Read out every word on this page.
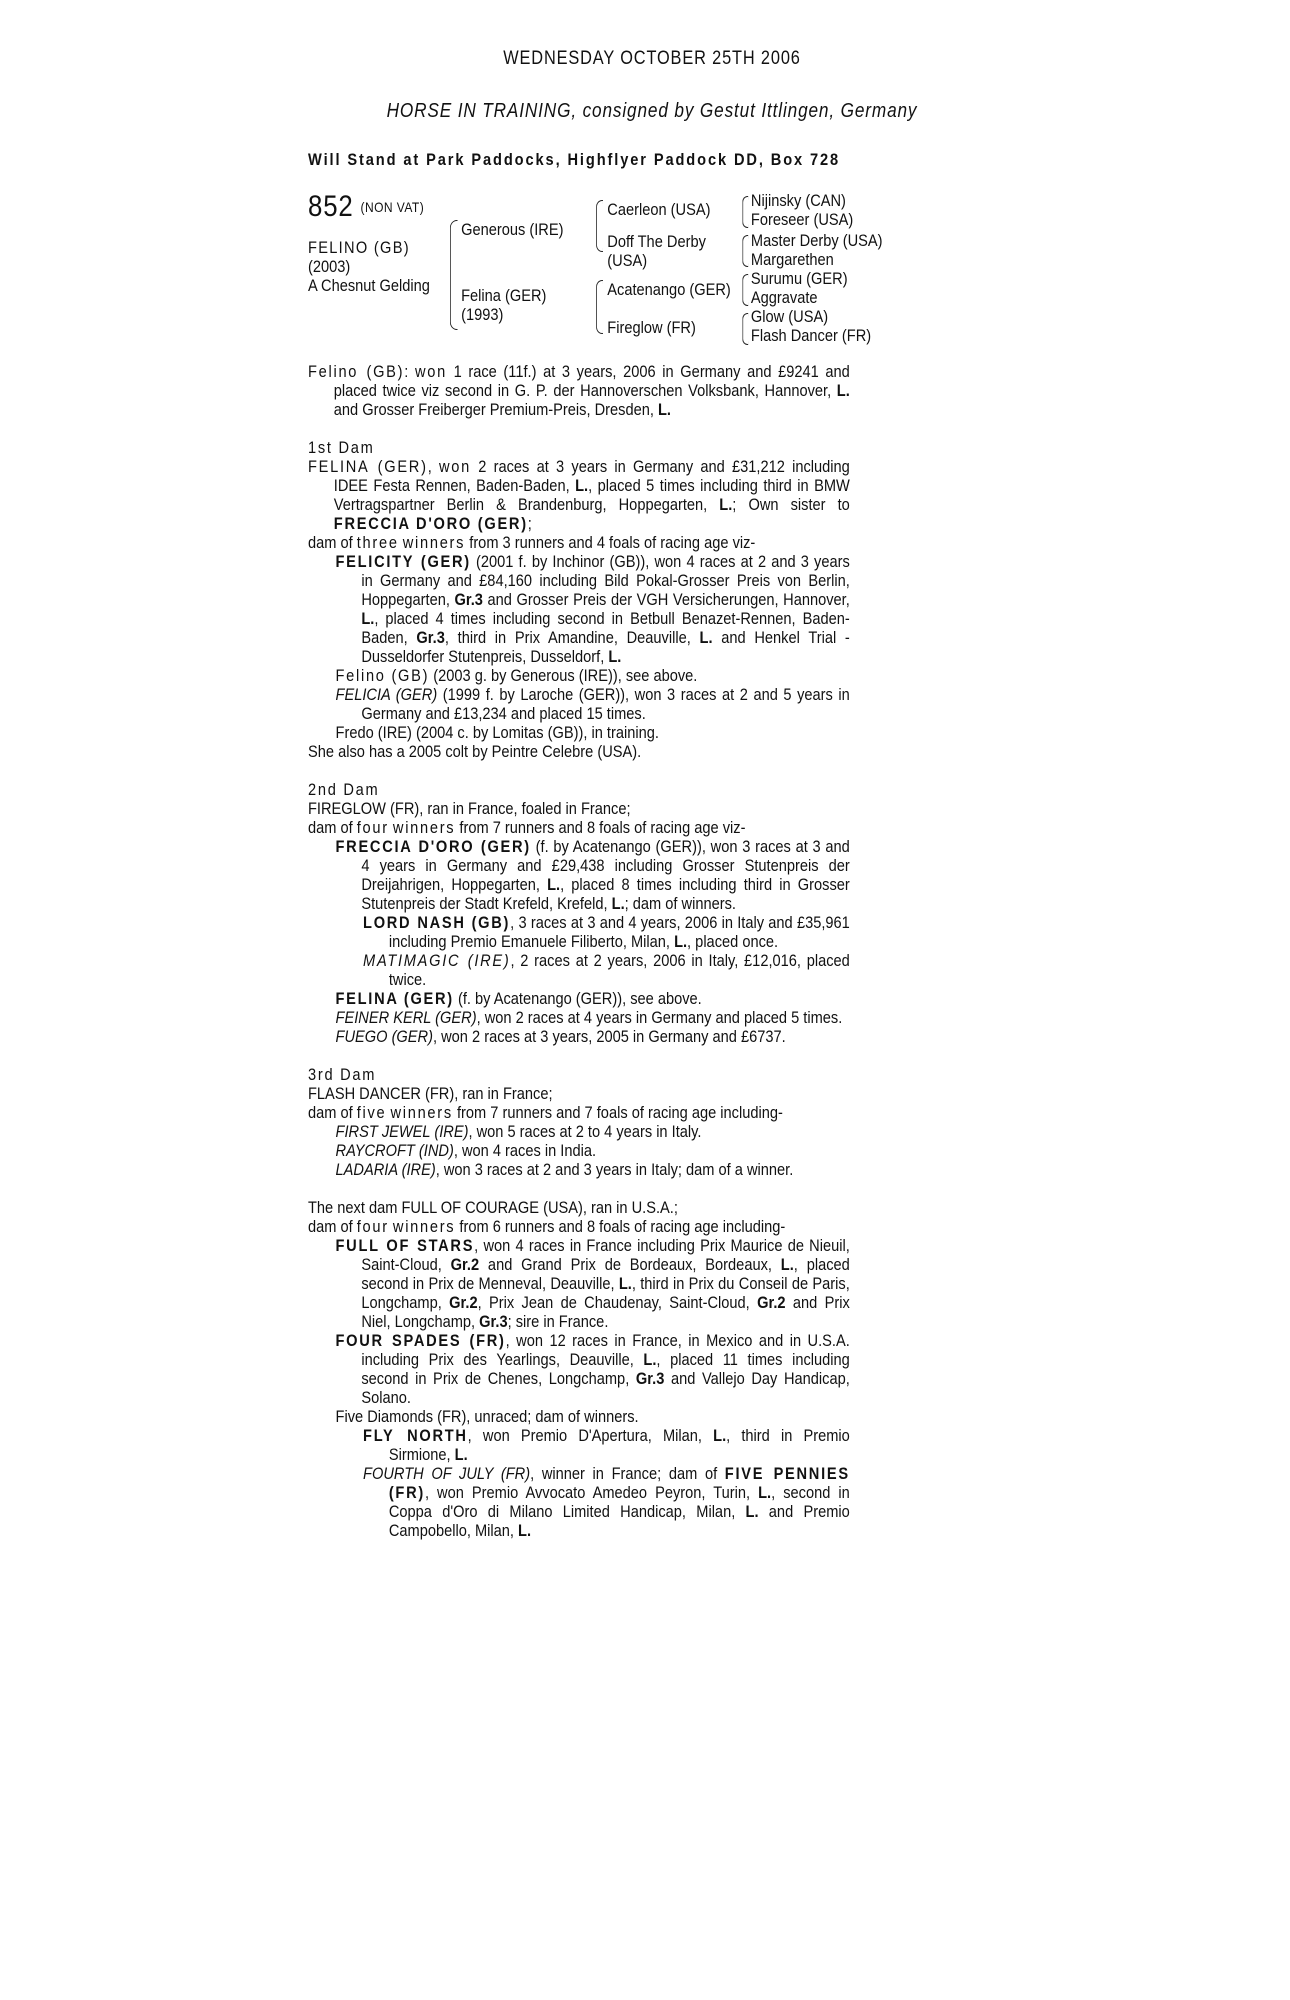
WEDNESDAY OCTOBER 25TH 2006
HORSE IN TRAINING, consigned by Gestut Ittlingen, Germany
Will Stand at Park Paddocks, Highflyer Paddock DD, Box 728
852 (NON VAT)
FELINO (GB)
(2003)
A Chesnut Gelding
Generous (IRE)
Felina (GER)
(1993)
Caerleon (USA)
Doff The Derby
(USA)
Acatenango (GER)
Fireglow (FR)
Nijinsky (CAN)
Foreseer (USA)
Master Derby (USA)
Margarethen
Surumu (GER)
Aggravate
Glow (USA)
Flash Dancer (FR)

Felino (GB): won 1 race (11f.) at 3 years, 2006 in Germany and £9241 and placed twice viz second in G. P. der Hannoverschen Volksbank, Hannover, L. and Grosser Freiberger Premium-Preis, Dresden, L.

1st Dam

FELINA (GER), won 2 races at 3 years in Germany and £31,212 including IDEE Festa Rennen, Baden-Baden, L., placed 5 times including third in BMW Vertragspartner Berlin & Brandenburg, Hoppegarten, L.; Own sister to FRECCIA D'ORO (GER);

dam of three winners from 3 runners and 4 foals of racing age viz-

FELICITY (GER) (2001 f. by Inchinor (GB)), won 4 races at 2 and 3 years in Germany and £84,160 including Bild Pokal-Grosser Preis von Berlin, Hoppegarten, Gr.3 and Grosser Preis der VGH Versicherungen, Hannover, L., placed 4 times including second in Betbull Benazet-Rennen, Baden-Baden, Gr.3, third in Prix Amandine, Deauville, L. and Henkel Trial - Dusseldorfer Stutenpreis, Dusseldorf, L.

Felino (GB) (2003 g. by Generous (IRE)), see above.

FELICIA (GER) (1999 f. by Laroche (GER)), won 3 races at 2 and 5 years in Germany and £13,234 and placed 15 times.

Fredo (IRE) (2004 c. by Lomitas (GB)), in training.

She also has a 2005 colt by Peintre Celebre (USA).

2nd Dam

FIREGLOW (FR), ran in France, foaled in France;

dam of four winners from 7 runners and 8 foals of racing age viz-

FRECCIA D'ORO (GER) (f. by Acatenango (GER)), won 3 races at 3 and 4 years in Germany and £29,438 including Grosser Stutenpreis der Dreijahrigen, Hoppegarten, L., placed 8 times including third in Grosser Stutenpreis der Stadt Krefeld, Krefeld, L.; dam of winners.

LORD NASH (GB), 3 races at 3 and 4 years, 2006 in Italy and £35,961 including Premio Emanuele Filiberto, Milan, L., placed once.

MATIMAGIC (IRE), 2 races at 2 years, 2006 in Italy, £12,016, placed twice.

FELINA (GER) (f. by Acatenango (GER)), see above.

FEINER KERL (GER), won 2 races at 4 years in Germany and placed 5 times.

FUEGO (GER), won 2 races at 3 years, 2005 in Germany and £6737.

3rd Dam

FLASH DANCER (FR), ran in France;

dam of five winners from 7 runners and 7 foals of racing age including-

FIRST JEWEL (IRE), won 5 races at 2 to 4 years in Italy.

RAYCROFT (IND), won 4 races in India.

LADARIA (IRE), won 3 races at 2 and 3 years in Italy; dam of a winner.

The next dam FULL OF COURAGE (USA), ran in U.S.A.;

dam of four winners from 6 runners and 8 foals of racing age including-

FULL OF STARS, won 4 races in France including Prix Maurice de Nieuil, Saint-Cloud, Gr.2 and Grand Prix de Bordeaux, Bordeaux, L., placed second in Prix de Menneval, Deauville, L., third in Prix du Conseil de Paris, Longchamp, Gr.2, Prix Jean de Chaudenay, Saint-Cloud, Gr.2 and Prix Niel, Longchamp, Gr.3; sire in France.

FOUR SPADES (FR), won 12 races in France, in Mexico and in U.S.A. including Prix des Yearlings, Deauville, L., placed 11 times including second in Prix de Chenes, Longchamp, Gr.3 and Vallejo Day Handicap, Solano.

Five Diamonds (FR), unraced; dam of winners.

FLY NORTH, won Premio D'Apertura, Milan, L., third in Premio Sirmione, L.

FOURTH OF JULY (FR), winner in France; dam of FIVE PENNIES (FR), won Premio Avvocato Amedeo Peyron, Turin, L., second in Coppa d'Oro di Milano Limited Handicap, Milan, L. and Premio Campobello, Milan, L.
